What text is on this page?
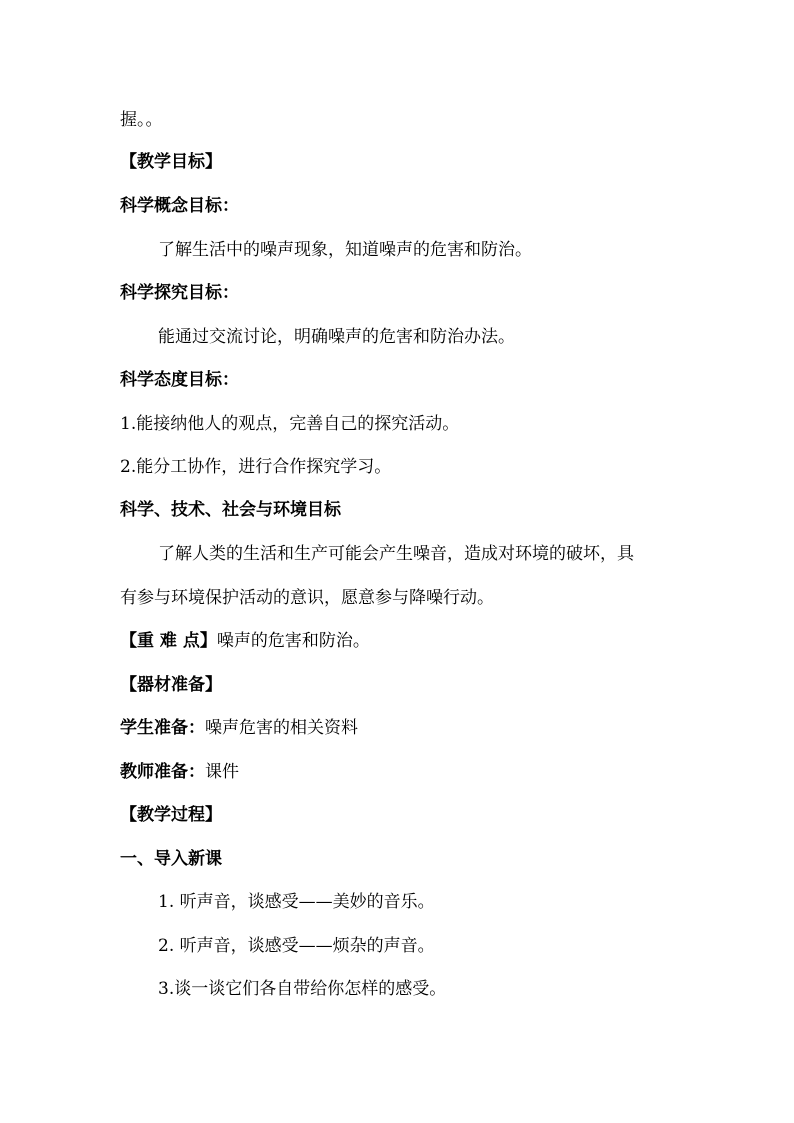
握。。
【教学目标】
科学概念目标：
了解生活中的噪声现象，知道噪声的危害和防治。
科学探究目标：
能通过交流讨论，明确噪声的危害和防治办法。
科学态度目标：
1.能接纳他人的观点，完善自己的探究活动。
2.能分工协作，进行合作探究学习。
科学、技术、社会与环境目标
了解人类的生活和生产可能会产生噪音，造成对环境的破坏，具
有参与环境保护活动的意识，愿意参与降噪行动。
【重 难 点】噪声的危害和防治。
【器材准备】
学生准备：噪声危害的相关资料
教师准备：课件
【教学过程】
一、导入新课
1. 听声音，谈感受——美妙的音乐。
2. 听声音，谈感受——烦杂的声音。
3.谈一谈它们各自带给你怎样的感受。
